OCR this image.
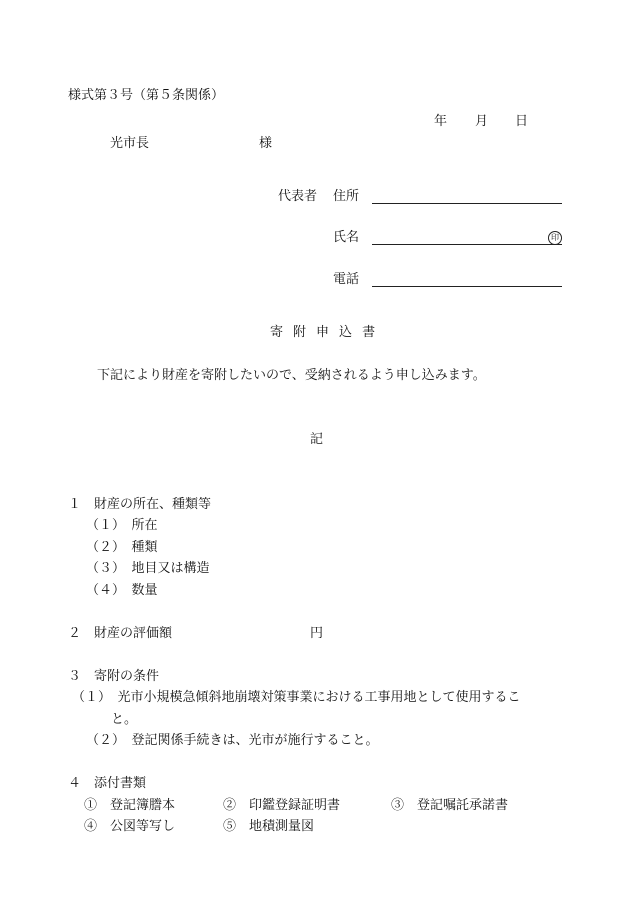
様式第３号（第５条関係）
年 月 日
光市長	様
代表者 住所
氏名	印
電話
寄 附 申 込 書
下記により財産を寄附したいので、受納されるよう申し込みます。
記
１　財産の所在、種類等
（１）　所在
（２）　種類
（３）　地目又は構造
（４）　数量
２　財産の評価額	円
３　寄附の条件
（１）　光市小規模急傾斜地崩壊対策事業における工事用地として使用するこ
と。
（２）　登記関係手続きは、光市が施行すること。
４　添付書類
①　登記簿謄本	②　印鑑登録証明書	③　登記嘱託承諾書
④　公図等写し	⑤　地積測量図
